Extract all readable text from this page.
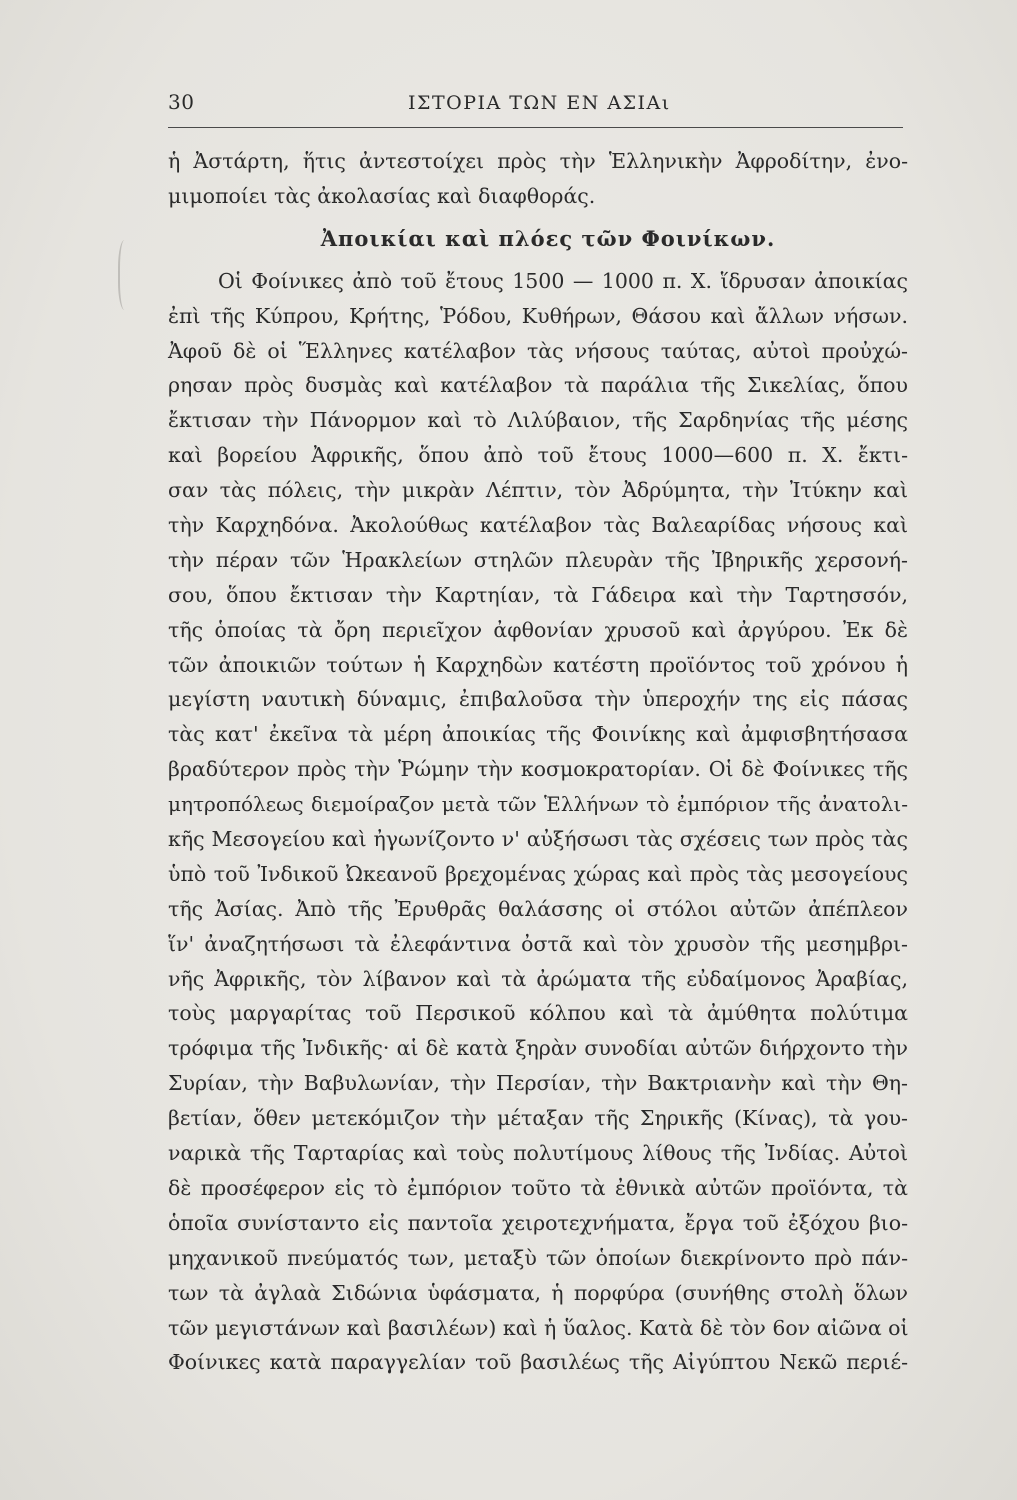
30	ΙΣΤΟΡΙΑ ΤΩΝ ΕΝ ΑΣΙΑι
ἡ Ἀστάρτη, ἥτις ἀντεστοίχει πρὸς τὴν Ἑλληνικὴν Ἀφροδίτην, ἐνο-
μιμοποίει τὰς ἀκολασίας καὶ διαφθοράς.
Ἀποικίαι καὶ πλόες τῶν Φοινίκων.
Οἱ Φοίνικες ἀπὸ τοῦ ἔτους 1500 — 1000 π. Χ. ἵδρυσαν ἀποικίας
ἐπὶ τῆς Κύπρου, Κρήτης, Ῥόδου, Κυθήρων, Θάσου καὶ ἄλλων νήσων.
Ἀφοῦ δὲ οἱ Ἕλληνες κατέλαβον τὰς νήσους ταύτας, αὐτοὶ προὐχώ-
ρησαν πρὸς δυσμὰς καὶ κατέλαβον τὰ παράλια τῆς Σικελίας, ὅπου
ἔκτισαν τὴν Πάνορμον καὶ τὸ Λιλύβαιον, τῆς Σαρδηνίας τῆς μέσης
καὶ βορείου Ἀφρικῆς, ὅπου ἀπὸ τοῦ ἔτους 1000—600 π. Χ. ἔκτι-
σαν τὰς πόλεις, τὴν μικρὰν Λέπτιν, τὸν Ἀδρύμητα, τὴν Ἰτύκην καὶ
τὴν Καρχηδόνα. Ἀκολούθως κατέλαβον τὰς Βαλεαρίδας νήσους καὶ
τὴν πέραν τῶν Ἡρακλείων στηλῶν πλευρὰν τῆς Ἰβηρικῆς χερσονή-
σου, ὅπου ἔκτισαν τὴν Καρτηίαν, τὰ Γάδειρα καὶ τὴν Ταρτησσόν,
τῆς ὁποίας τὰ ὄρη περιεῖχον ἀφθονίαν χρυσοῦ καὶ ἀργύρου. Ἐκ δὲ
τῶν ἀποικιῶν τούτων ἡ Καρχηδὼν κατέστη προϊόντος τοῦ χρόνου ἡ
μεγίστη ναυτικὴ δύναμις, ἐπιβαλοῦσα τὴν ὑπεροχήν της εἰς πάσας
τὰς κατ' ἐκεῖνα τὰ μέρη ἀποικίας τῆς Φοινίκης καὶ ἀμφισβητήσασα
βραδύτερον πρὸς τὴν Ῥώμην τὴν κοσμοκρατορίαν. Οἱ δὲ Φοίνικες τῆς
μητροπόλεως διεμοίραζον μετὰ τῶν Ἑλλήνων τὸ ἐμπόριον τῆς ἀνατολι-
κῆς Μεσογείου καὶ ἠγωνίζοντο ν' αὐξήσωσι τὰς σχέσεις των πρὸς τὰς
ὑπὸ τοῦ Ἰνδικοῦ Ὠκεανοῦ βρεχομένας χώρας καὶ πρὸς τὰς μεσογείους
τῆς Ἀσίας. Ἀπὸ τῆς Ἐρυθρᾶς θαλάσσης οἱ στόλοι αὐτῶν ἀπέπλεον
ἵν' ἀναζητήσωσι τὰ ἐλεφάντινα ὀστᾶ καὶ τὸν χρυσὸν τῆς μεσημβρι-
νῆς Ἀφρικῆς, τὸν λίβανον καὶ τὰ ἀρώματα τῆς εὐδαίμονος Ἀραβίας,
τοὺς μαργαρίτας τοῦ Περσικοῦ κόλπου καὶ τὰ ἀμύθητα πολύτιμα
τρόφιμα τῆς Ἰνδικῆς· αἱ δὲ κατὰ ξηρὰν συνοδίαι αὐτῶν διήρχοντο τὴν
Συρίαν, τὴν Βαβυλωνίαν, τὴν Περσίαν, τὴν Βακτριανὴν καὶ τὴν Θη-
βετίαν, ὅθεν μετεκόμιζον τὴν μέταξαν τῆς Σηρικῆς (Κίνας), τὰ γου-
ναρικὰ τῆς Ταρταρίας καὶ τοὺς πολυτίμους λίθους τῆς Ἰνδίας. Αὐτοὶ
δὲ προσέφερον εἰς τὸ ἐμπόριον τοῦτο τὰ ἐθνικὰ αὐτῶν προϊόντα, τὰ
ὁποῖα συνίσταντο εἰς παντοῖα χειροτεχνήματα, ἔργα τοῦ ἐξόχου βιο-
μηχανικοῦ πνεύματός των, μεταξὺ τῶν ὁποίων διεκρίνοντο πρὸ πάν-
των τὰ ἀγλαὰ Σιδώνια ὑφάσματα, ἡ πορφύρα (συνήθης στολὴ ὅλων
τῶν μεγιστάνων καὶ βασιλέων) καὶ ἡ ὕαλος. Κατὰ δὲ τὸν 6ον αἰῶνα οἱ
Φοίνικες κατὰ παραγγελίαν τοῦ βασιλέως τῆς Αἰγύπτου Νεκῶ περιέ-
